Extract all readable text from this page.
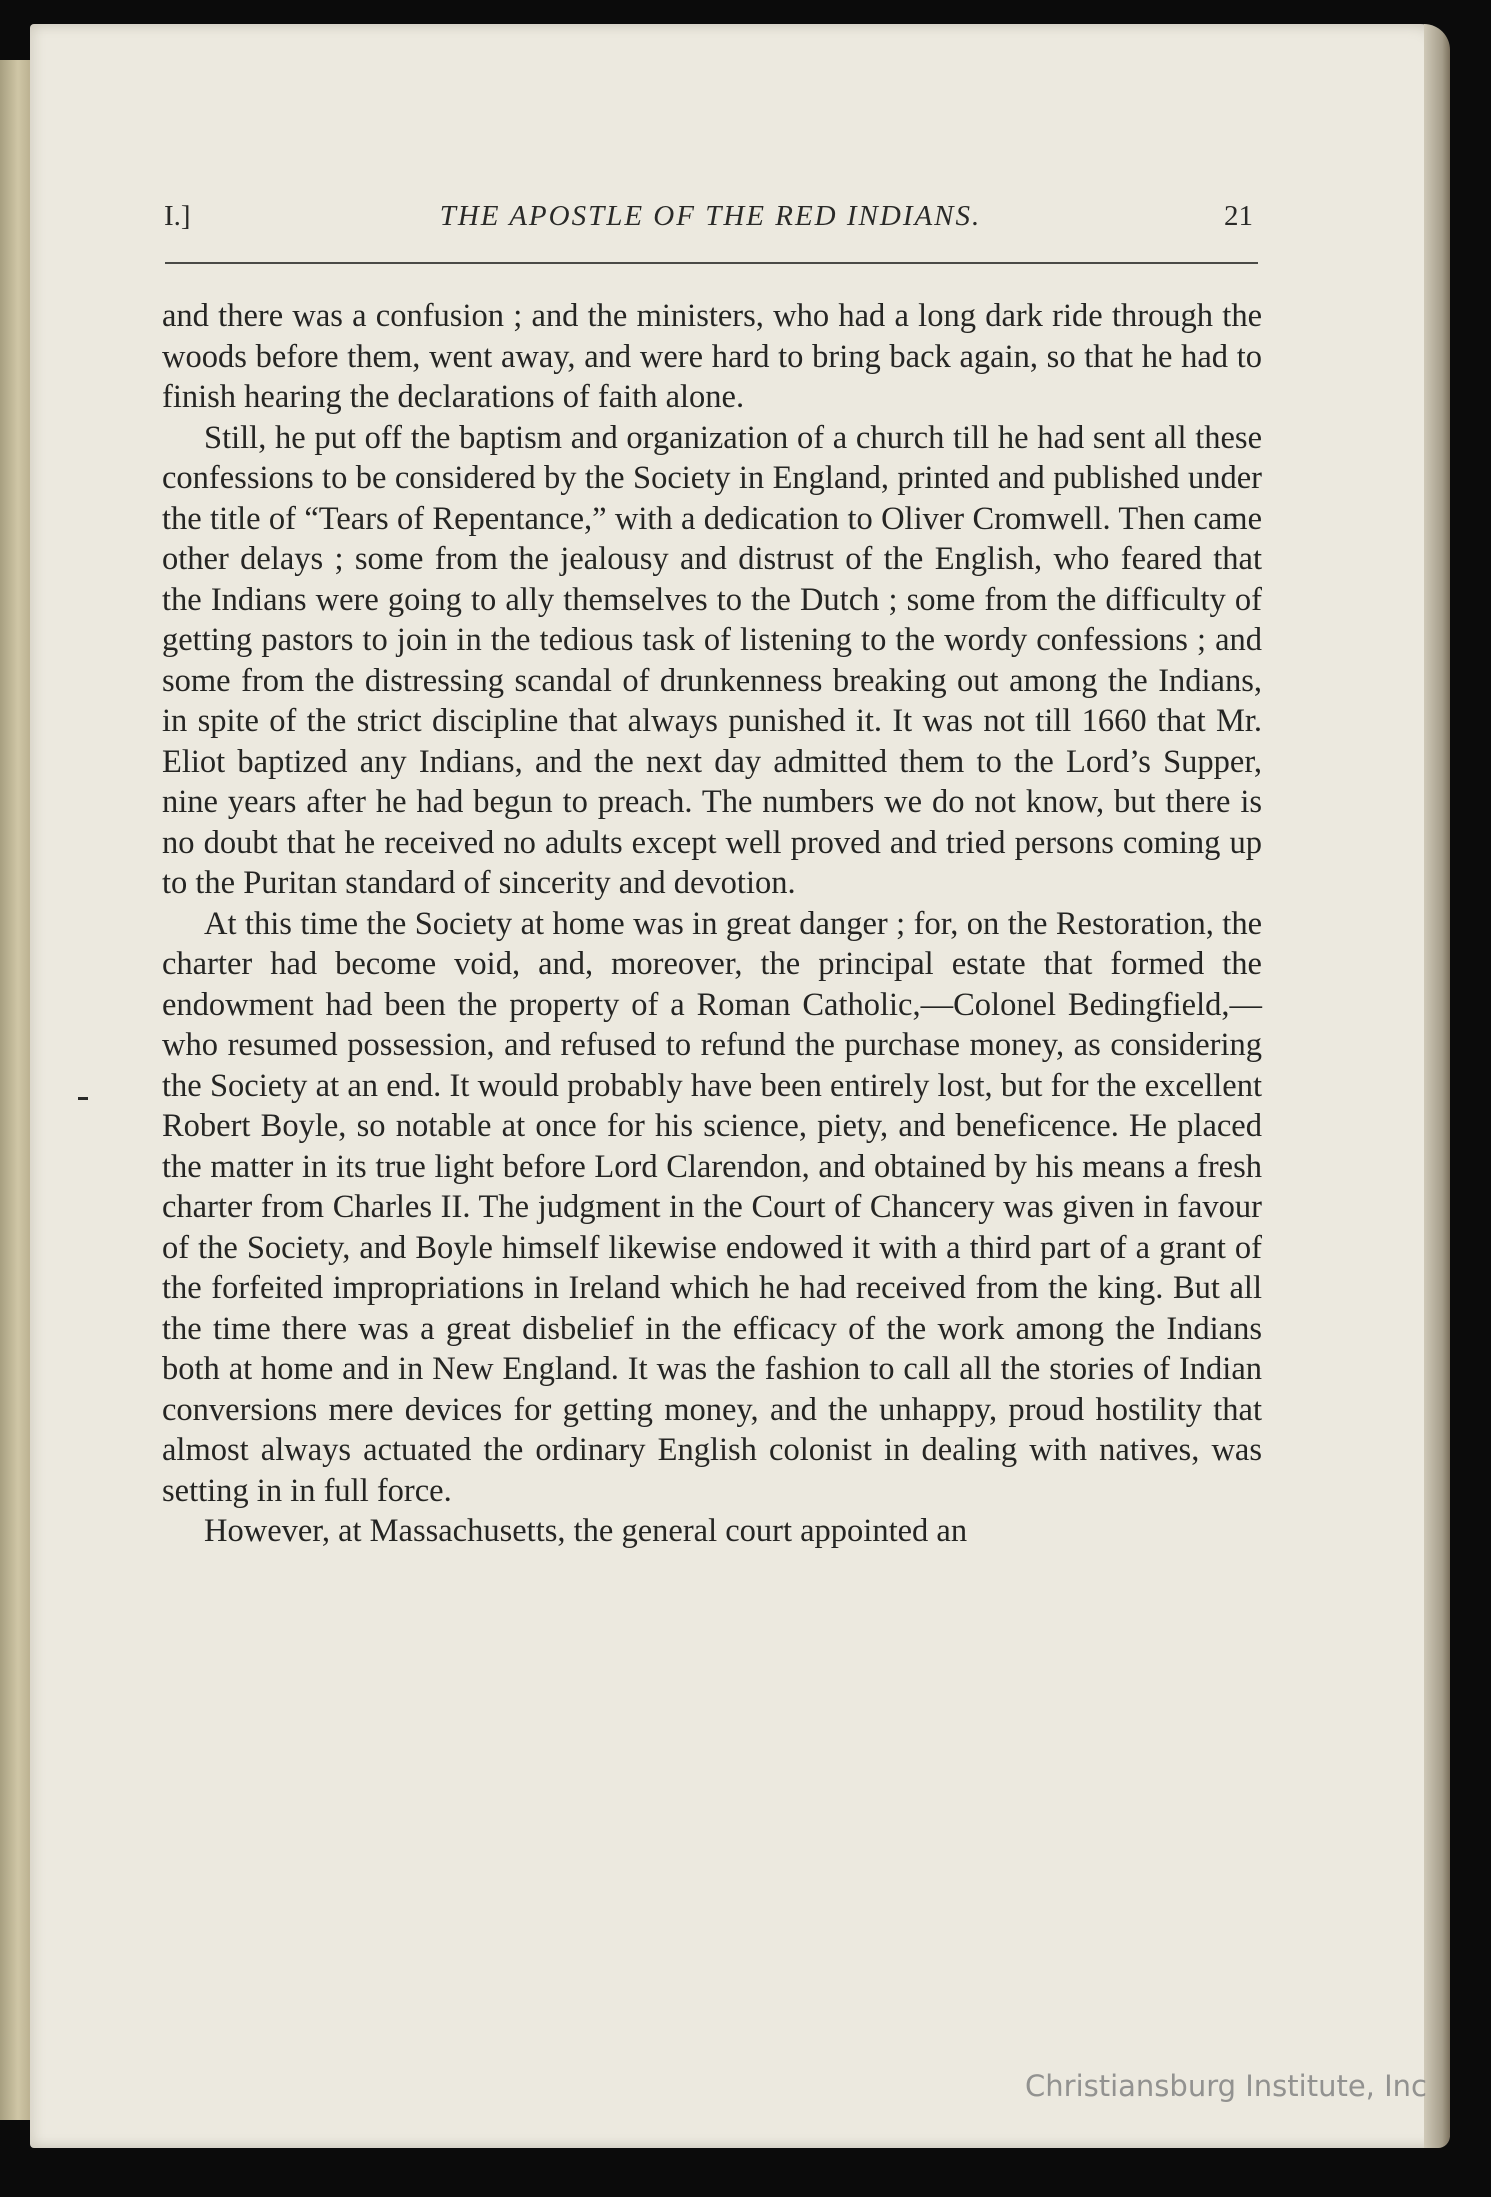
I.]	THE APOSTLE OF THE RED INDIANS.	21

and there was a confusion ; and the ministers, who had a long dark ride through the woods before them, went away, and were hard to bring back again, so that he had to finish hearing the declarations of faith alone.

Still, he put off the baptism and organization of a church till he had sent all these confessions to be considered by the Society in England, printed and published under the title of “Tears of Repentance,” with a dedication to Oliver Cromwell. Then came other delays ; some from the jealousy and distrust of the English, who feared that the Indians were going to ally themselves to the Dutch ; some from the difficulty of getting pastors to join in the tedious task of listening to the wordy confessions ; and some from the distressing scandal of drunkenness breaking out among the Indians, in spite of the strict discipline that always punished it. It was not till 1660 that Mr. Eliot baptized any Indians, and the next day admitted them to the Lord’s Supper, nine years after he had begun to preach. The numbers we do not know, but there is no doubt that he received no adults except well proved and tried persons coming up to the Puritan standard of sincerity and devotion.

At this time the Society at home was in great danger ; for, on the Restoration, the charter had become void, and, moreover, the principal estate that formed the endowment had been the property of a Roman Catholic,—Colonel Bedingfield,—who resumed possession, and refused to refund the purchase money, as considering the Society at an end. It would probably have been entirely lost, but for the excellent Robert Boyle, so notable at once for his science, piety, and beneficence. He placed the matter in its true light before Lord Clarendon, and obtained by his means a fresh charter from Charles II. The judgment in the Court of Chancery was given in favour of the Society, and Boyle himself likewise endowed it with a third part of a grant of the forfeited impropriations in Ireland which he had received from the king. But all the time there was a great disbelief in the efficacy of the work among the Indians both at home and in New England. It was the fashion to call all the stories of Indian conversions mere devices for getting money, and the unhappy, proud hostility that almost always actuated the ordinary English colonist in dealing with natives, was setting in in full force.

However, at Massachusetts, the general court appointed an

Christiansburg Institute, Inc
